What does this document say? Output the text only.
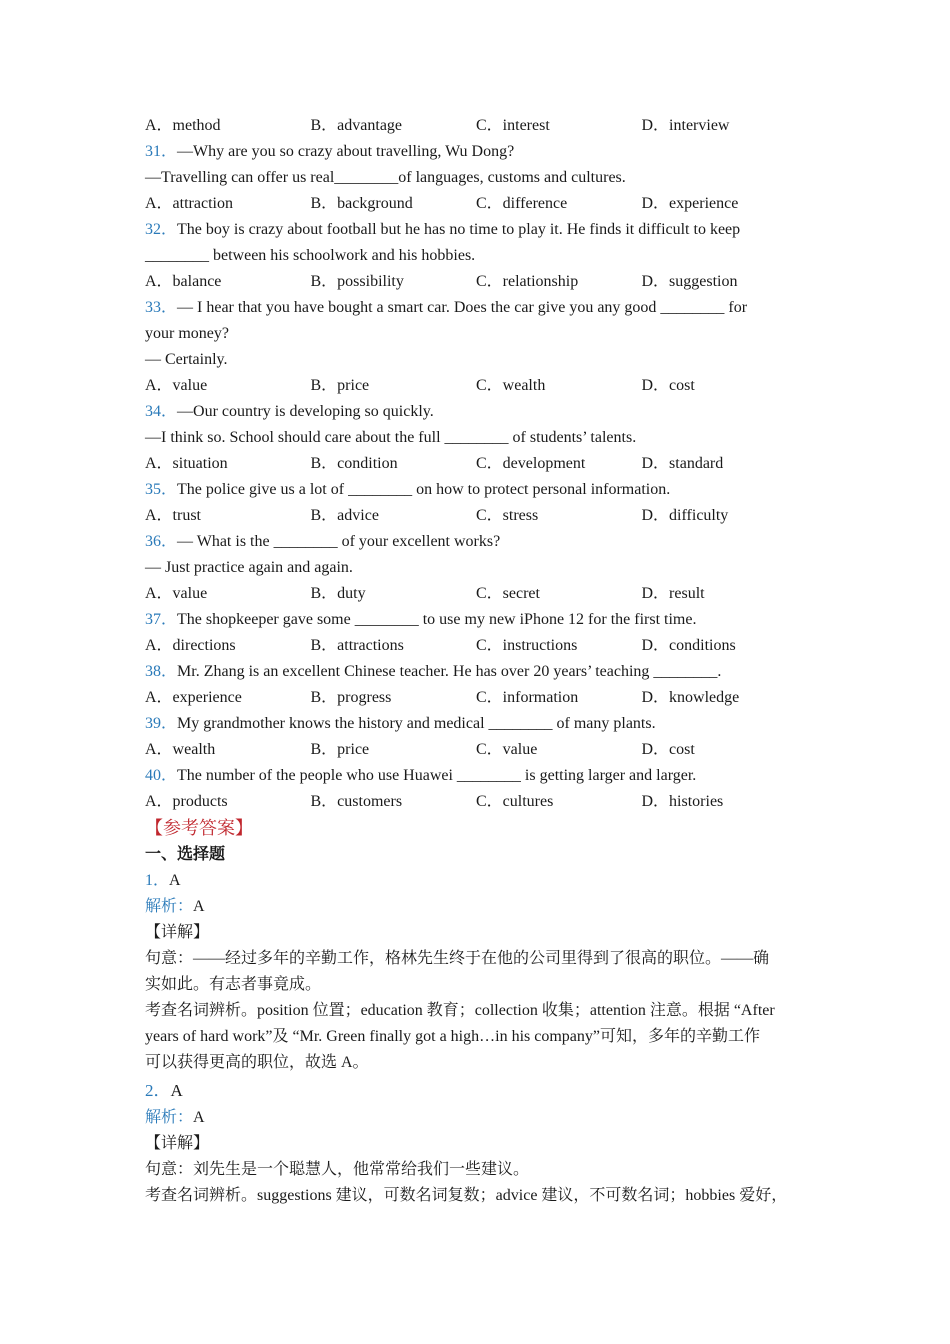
A．method	B．advantage	C．interest	D．interview
31．—Why are you so crazy about travelling, Wu Dong?
—Travelling can offer us real________of languages, customs and cultures.
A．attraction	B．background	C．difference	D．experience
32．The boy is crazy about football but he has no time to play it. He finds it difficult to keep
________ between his schoolwork and his hobbies.
A．balance	B．possibility	C．relationship	D．suggestion
33．— I hear that you have bought a smart car. Does the car give you any good ________ for
your money?
— Certainly.
A．value	B．price	C．wealth	D．cost
34．—Our country is developing so quickly.
—I think so. School should care about the full ________ of students’ talents.
A．situation	B．condition	C．development	D．standard
35．The police give us a lot of ________ on how to protect personal information.
A．trust	B．advice	C．stress	D．difficulty
36．— What is the ________ of your excellent works?
— Just practice again and again.
A．value	B．duty	C．secret	D．result
37．The shopkeeper gave some ________ to use my new iPhone 12 for the first time.
A．directions	B．attractions	C．instructions	D．conditions
38．Mr. Zhang is an excellent Chinese teacher. He has over 20 years’ teaching ________.
A．experience	B．progress	C．information	D．knowledge
39．My grandmother knows the history and medical ________ of many plants.
A．wealth	B．price	C．value	D．cost
40．The number of the people who use Huawei ________ is getting larger and larger.
A．products	B．customers	C．cultures	D．histories
【参考答案】
一、选择题
1．A
解析：A
【详解】
句意：——经过多年的辛勤工作，格林先生终于在他的公司里得到了很高的职位。——确
实如此。有志者事竟成。
考查名词辨析。position 位置；education 教育；collection 收集；attention 注意。根据 “After
years of hard work”及 “Mr. Green finally got a high…in his company”可知，多年的辛勤工作
可以获得更高的职位，故选 A。
2．A
解析：A
【详解】
句意：刘先生是一个聪慧人，他常常给我们一些建议。
考查名词辨析。suggestions 建议，可数名词复数；advice 建议，不可数名词；hobbies 爱好，
